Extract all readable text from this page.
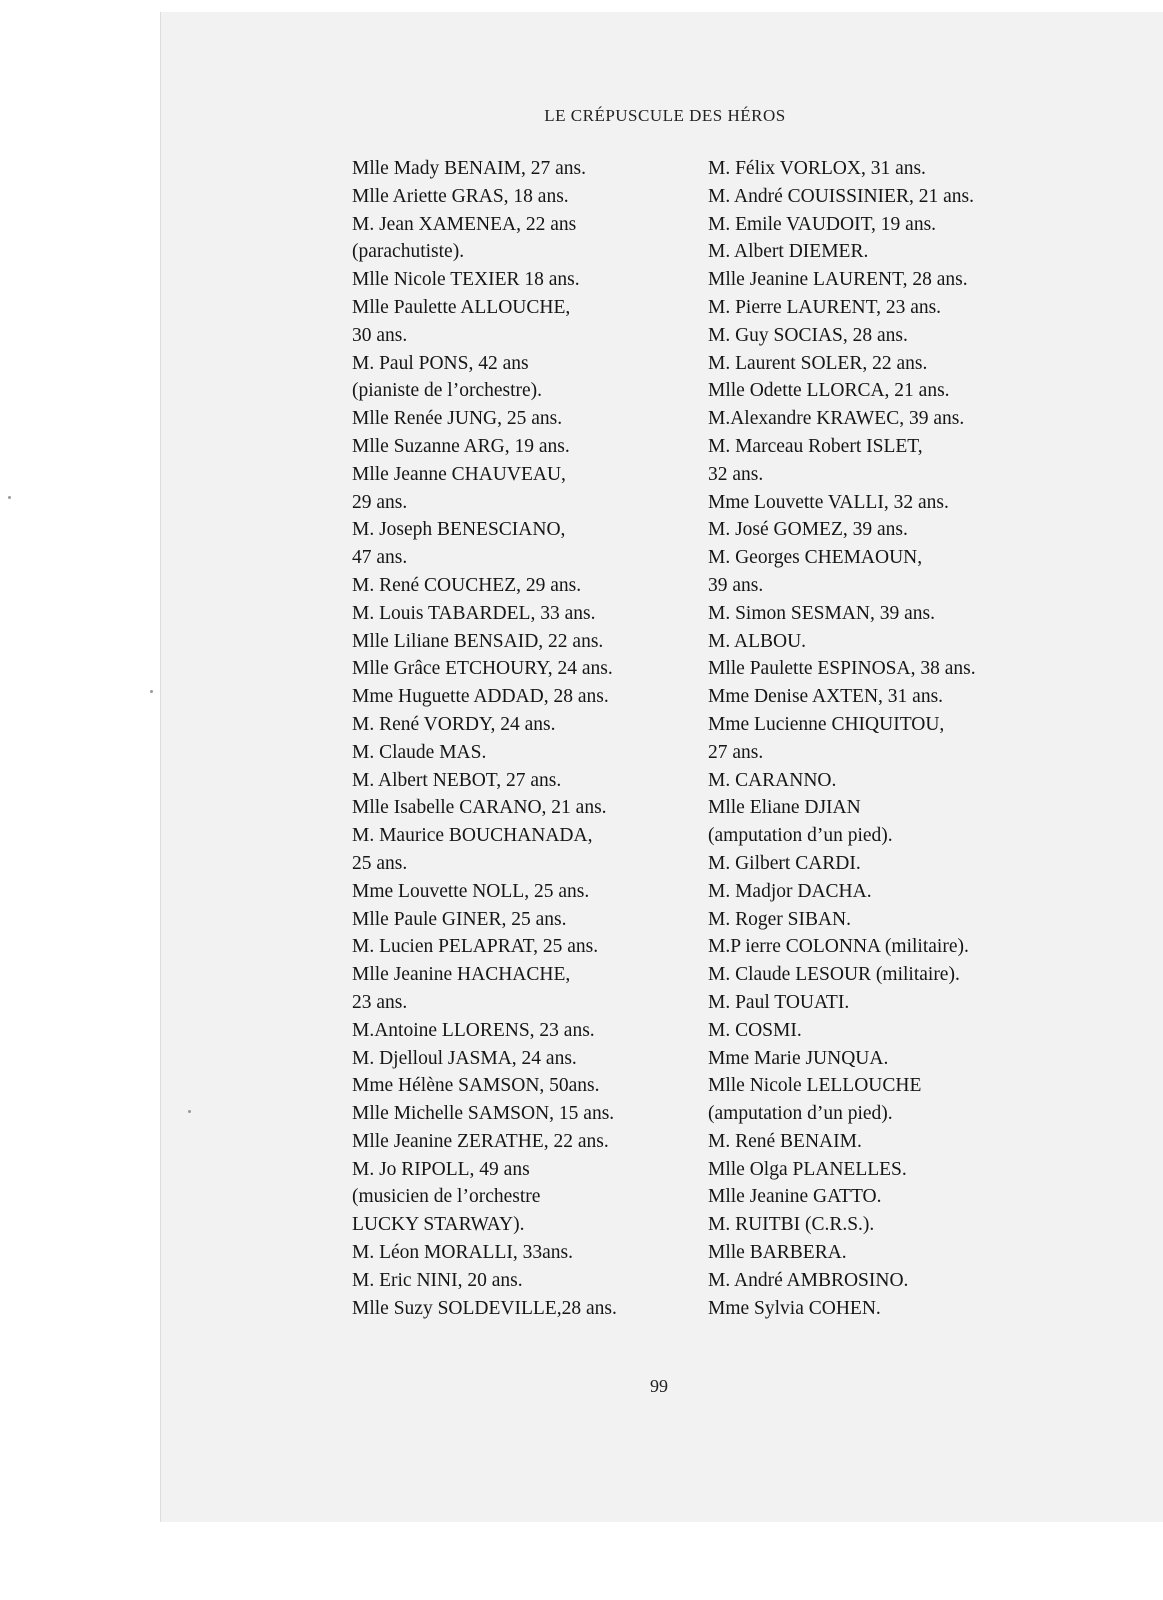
LE CRÉPUSCULE DES HÉROS
Mlle Mady BENAIM, 27 ans.
Mlle Ariette GRAS, 18 ans.
M. Jean XAMENEA, 22 ans
(parachutiste).
Mlle Nicole TEXIER 18 ans.
Mlle Paulette ALLOUCHE,
30 ans.
M. Paul PONS, 42 ans
(pianiste de l’orchestre).
Mlle Renée JUNG, 25 ans.
Mlle Suzanne ARG, 19 ans.
Mlle Jeanne CHAUVEAU,
29 ans.
M. Joseph BENESCIANO,
47 ans.
M. René COUCHEZ, 29 ans.
M. Louis TABARDEL, 33 ans.
Mlle Liliane BENSAID, 22 ans.
Mlle Grâce ETCHOURY, 24 ans.
Mme Huguette ADDAD, 28 ans.
M. René VORDY, 24 ans.
M. Claude MAS.
M. Albert NEBOT, 27 ans.
Mlle Isabelle CARANO, 21 ans.
M. Maurice BOUCHANADA,
25 ans.
Mme Louvette NOLL, 25 ans.
Mlle Paule GINER, 25 ans.
M. Lucien PELAPRAT, 25 ans.
Mlle Jeanine HACHACHE,
23 ans.
M.Antoine LLORENS, 23 ans.
M. Djelloul JASMA, 24 ans.
Mme Hélène SAMSON, 50ans.
Mlle Michelle SAMSON, 15 ans.
Mlle Jeanine ZERATHE, 22 ans.
M. Jo RIPOLL, 49 ans
(musicien de l’orchestre
LUCKY STARWAY).
M. Léon MORALLI, 33ans.
M. Eric NINI, 20 ans.
Mlle Suzy SOLDEVILLE,28 ans.
M. Félix VORLOX, 31 ans.
M. André COUISSINIER, 21 ans.
M. Emile VAUDOIT, 19 ans.
M. Albert DIEMER.
Mlle Jeanine LAURENT, 28 ans.
M. Pierre LAURENT, 23 ans.
M. Guy SOCIAS, 28 ans.
M. Laurent SOLER, 22 ans.
Mlle Odette LLORCA, 21 ans.
M.Alexandre KRAWEC, 39 ans.
M. Marceau Robert ISLET,
32 ans.
Mme Louvette VALLI, 32 ans.
M. José GOMEZ, 39 ans.
M. Georges CHEMAOUN,
39 ans.
M. Simon SESMAN, 39 ans.
M. ALBOU.
Mlle Paulette ESPINOSA, 38 ans.
Mme Denise AXTEN, 31 ans.
Mme Lucienne CHIQUITOU,
27 ans.
M. CARANNO.
Mlle Eliane DJIAN
(amputation d’un pied).
M. Gilbert CARDI.
M. Madjor DACHA.
M. Roger SIBAN.
M.P ierre COLONNA (militaire).
M. Claude LESOUR (militaire).
M. Paul TOUATI.
M. COSMI.
Mme Marie JUNQUA.
Mlle Nicole LELLOUCHE
(amputation d’un pied).
M. René BENAIM.
Mlle Olga PLANELLES.
Mlle Jeanine GATTO.
M. RUITBI (C.R.S.).
Mlle BARBERA.
M. André AMBROSINO.
Mme Sylvia COHEN.
99
